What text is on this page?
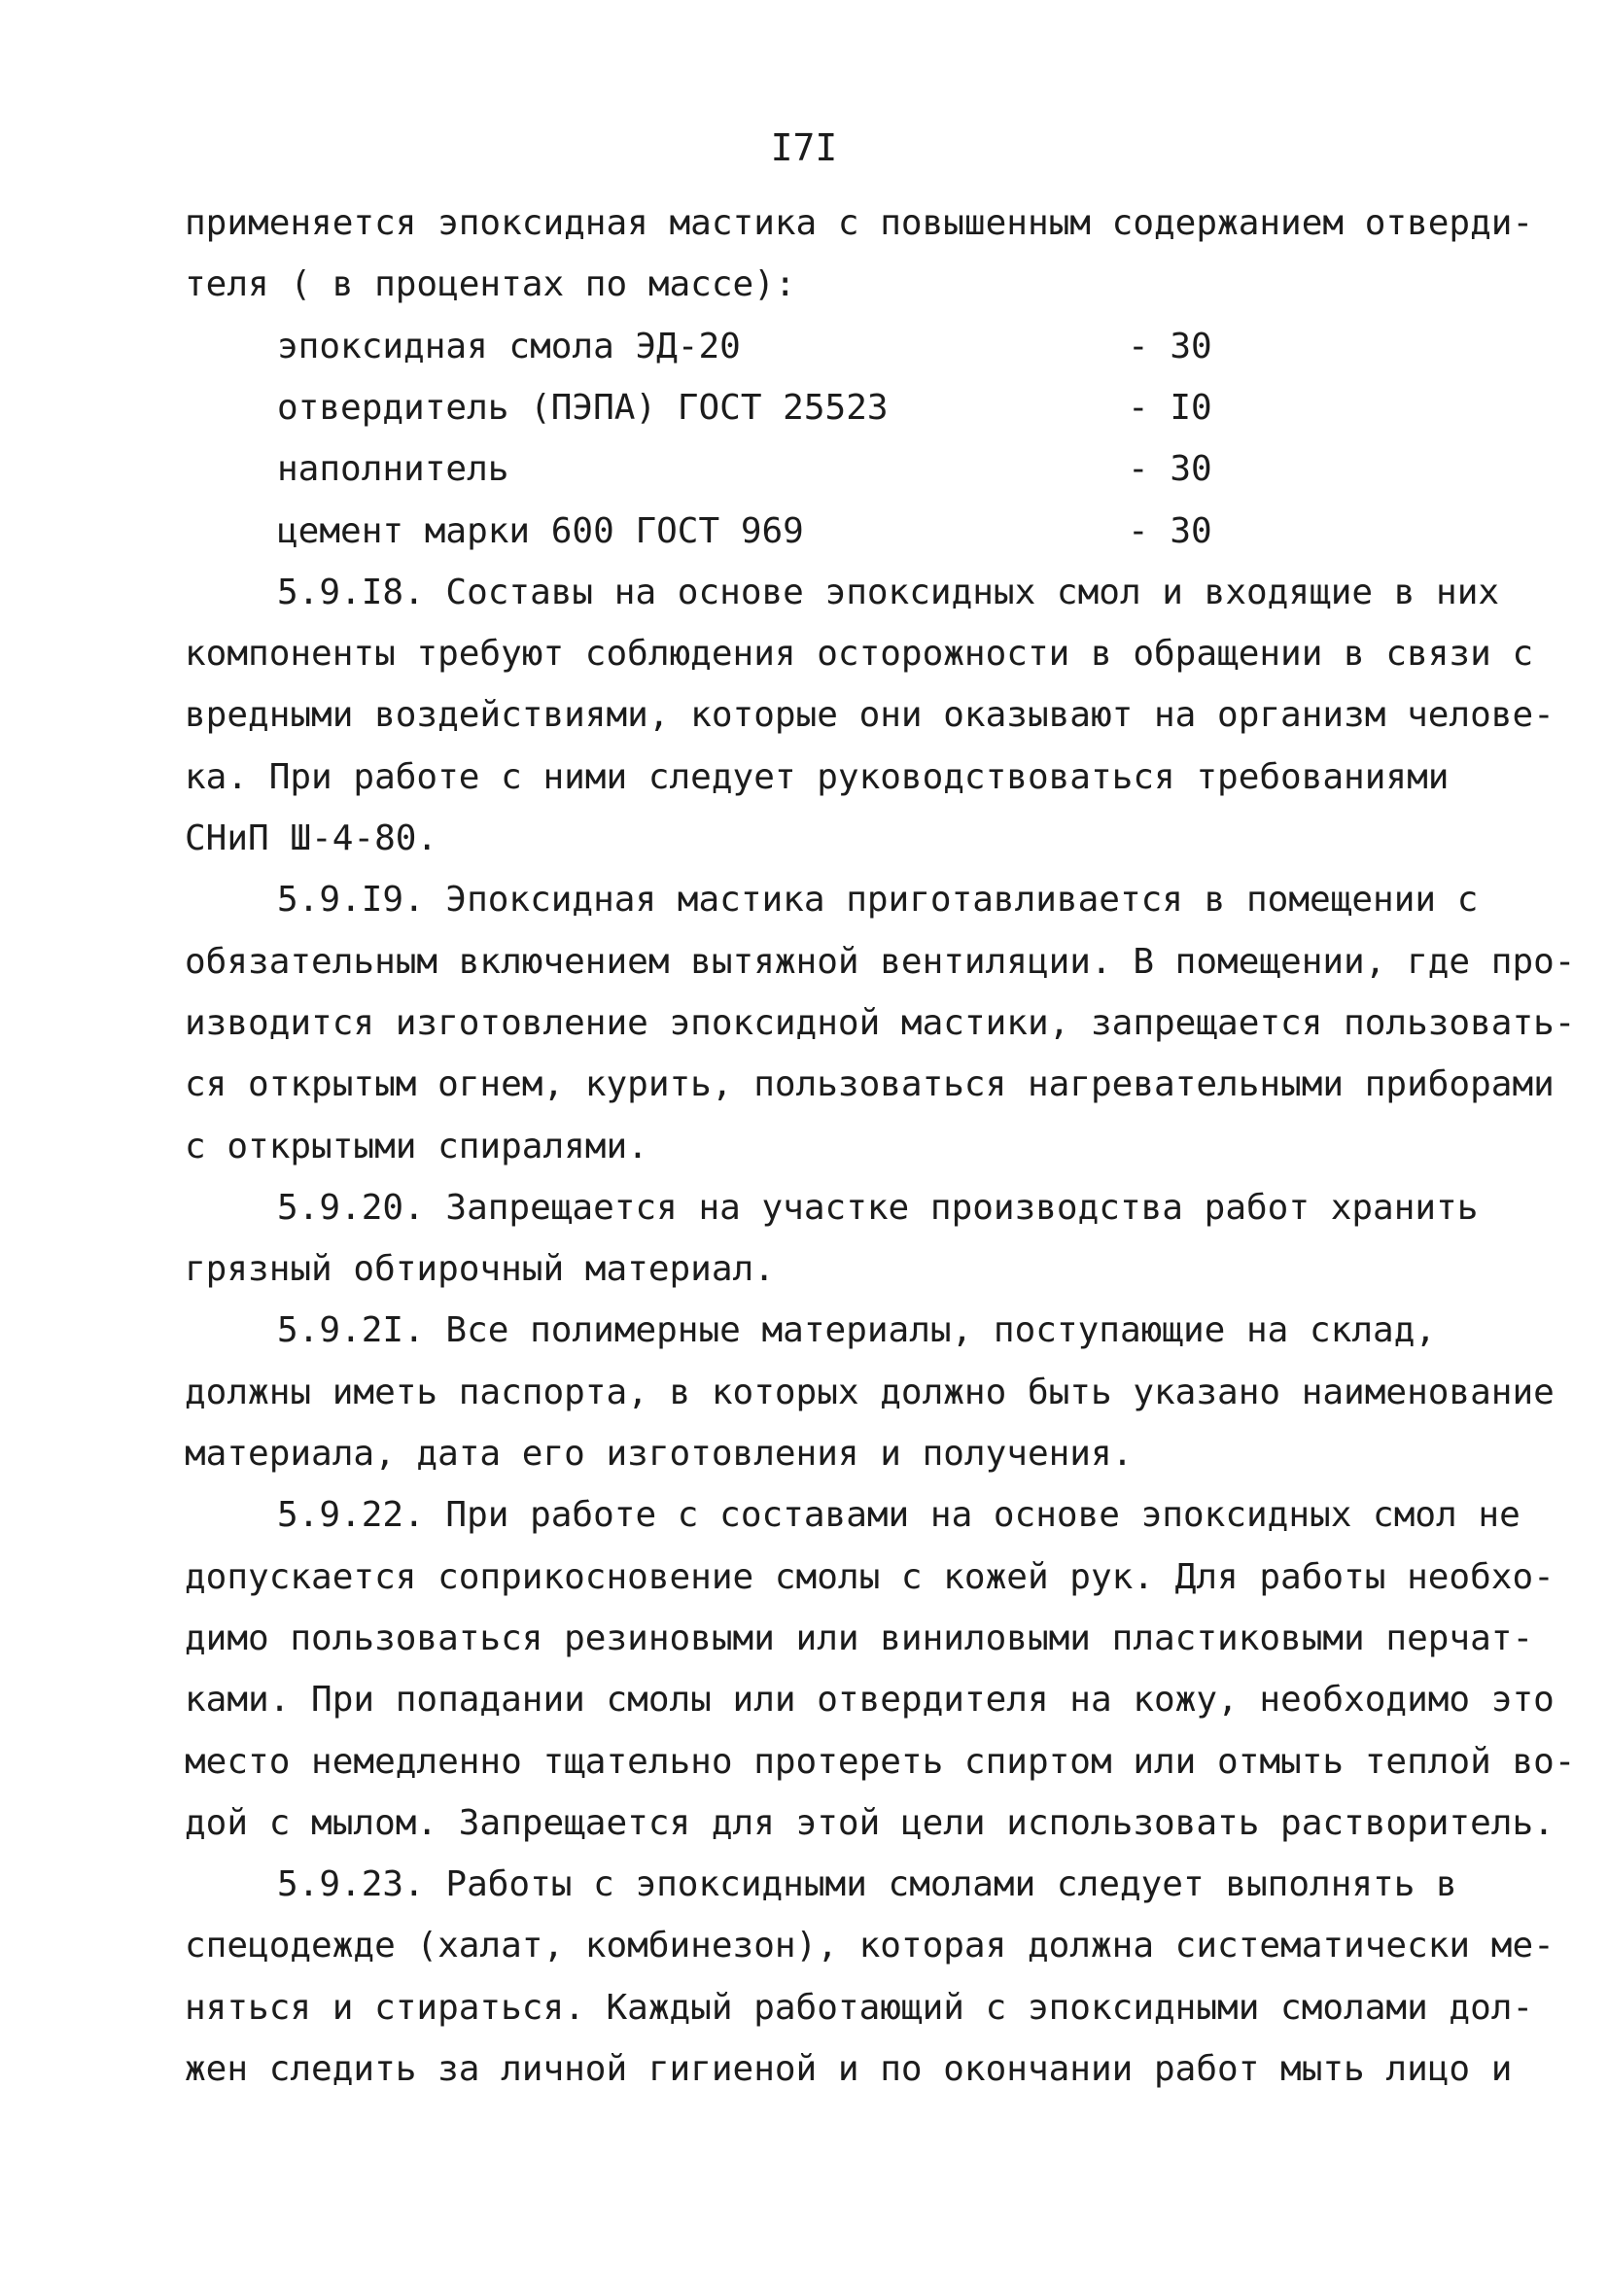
I7I
применяется эпоксидная мастика с повышенным содержанием отверди-
теля ( в процентах по массе):
эпоксидная смола ЭД-20	- 30
отвердитель (ПЭПА) ГОСТ 25523	- I0
наполнитель	- 30
цемент марки 600 ГОСТ 969	- 30
5.9.I8. Составы на основе эпоксидных смол и входящие в них
компоненты требуют соблюдения осторожности в обращении в связи с
вредными воздействиями, которые они оказывают на организм челове-
ка. При работе с ними следует руководствоваться требованиями
СНиП Ш-4-80.
5.9.I9. Эпоксидная мастика приготавливается в помещении с
обязательным включением вытяжной вентиляции. В помещении, где про-
изводится изготовление эпоксидной мастики, запрещается пользовать-
ся открытым огнем, курить, пользоваться нагревательными приборами
с открытыми спиралями.
5.9.20. Запрещается на участке производства работ хранить
грязный обтирочный материал.
5.9.2I. Все полимерные материалы, поступающие на склад,
должны иметь паспорта, в которых должно быть указано наименование
материала, дата его изготовления и получения.
5.9.22. При работе с составами на основе эпоксидных смол не
допускается соприкосновение смолы с кожей рук. Для работы необхо-
димо пользоваться резиновыми или виниловыми пластиковыми перчат-
ками. При попадании смолы или отвердителя на кожу, необходимо это
место немедленно тщательно протереть спиртом или отмыть теплой во-
дой с мылом. Запрещается для этой цели использовать растворитель.
5.9.23. Работы с эпоксидными смолами следует выполнять в
спецодежде (халат, комбинезон), которая должна систематически ме-
няться и стираться. Каждый работающий с эпоксидными смолами дол-
жен следить за личной гигиеной и по окончании работ мыть лицо и
